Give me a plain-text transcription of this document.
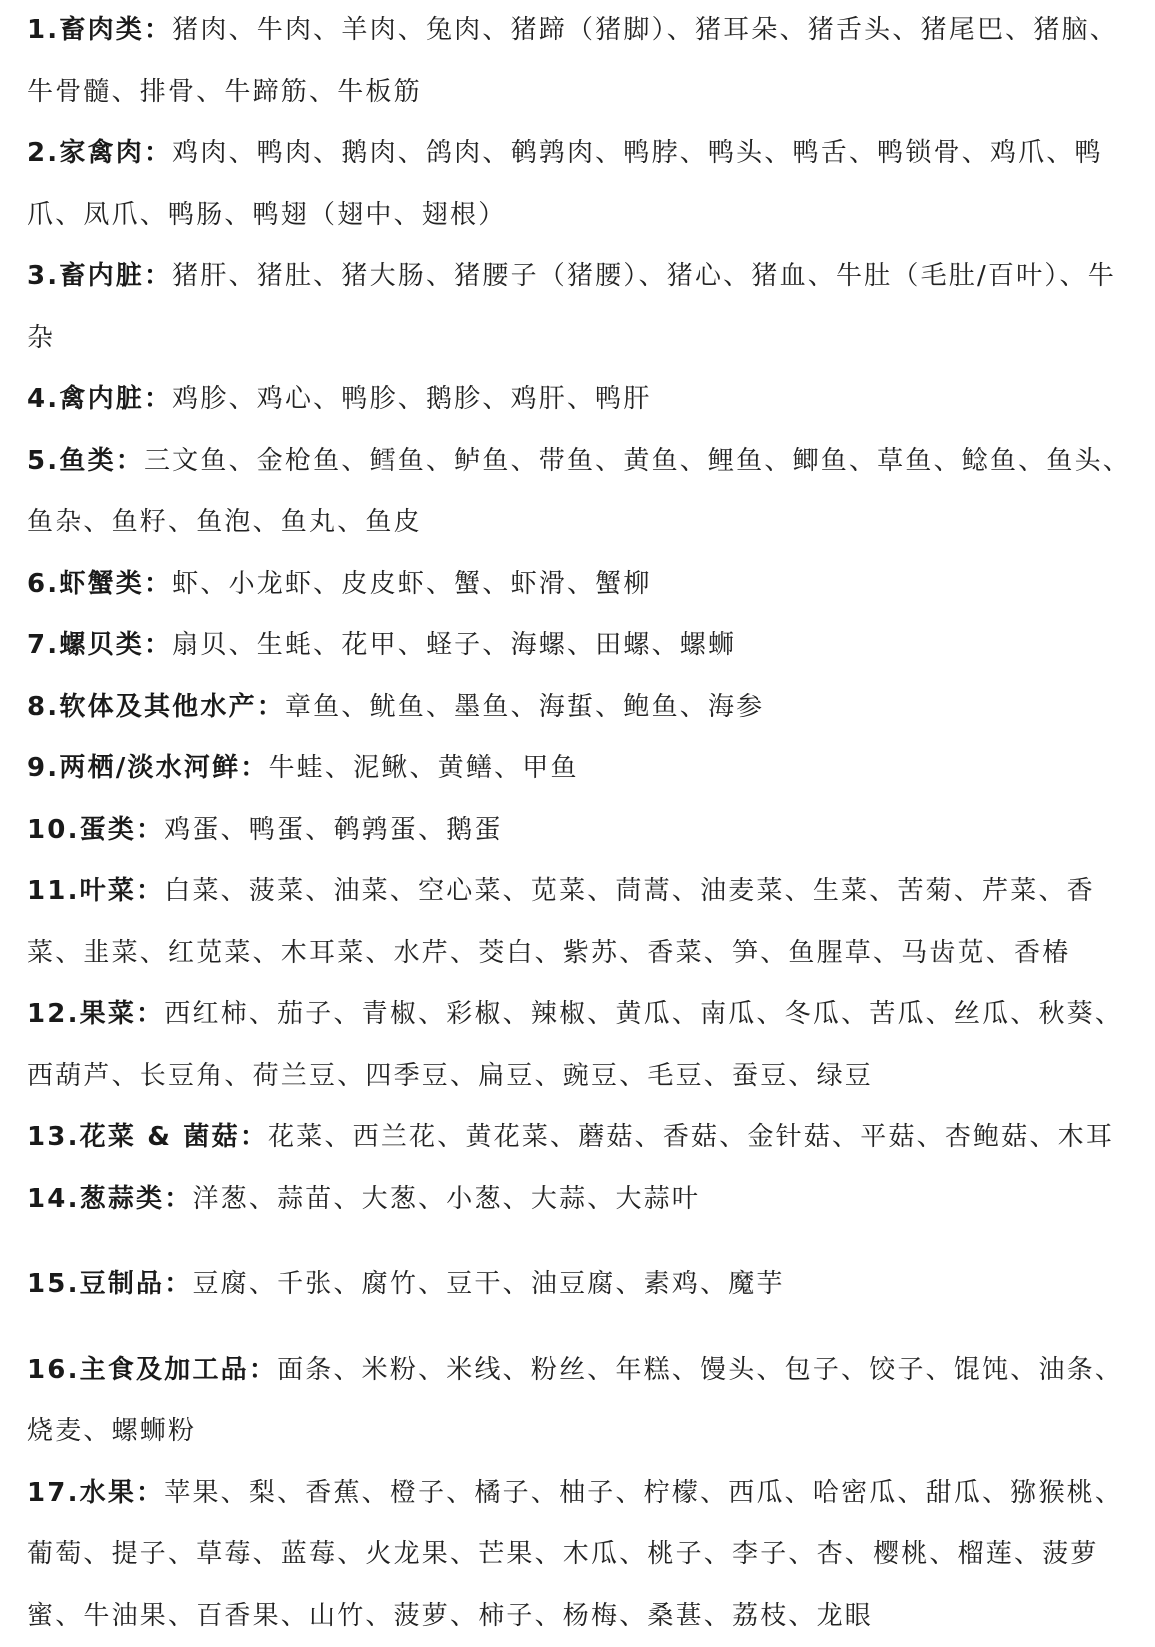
1.畜肉类：猪肉、牛肉、羊肉、兔肉、猪蹄（猪脚）、猪耳朵、猪舌头、猪尾巴、猪脑、牛骨髓、排骨、牛蹄筋、牛板筋

2.家禽肉：鸡肉、鸭肉、鹅肉、鸽肉、鹌鹑肉、鸭脖、鸭头、鸭舌、鸭锁骨、鸡爪、鸭爪、凤爪、鸭肠、鸭翅（翅中、翅根）

3.畜内脏：猪肝、猪肚、猪大肠、猪腰子（猪腰）、猪心、猪血、牛肚（毛肚/百叶）、牛杂

4.禽内脏：鸡胗、鸡心、鸭胗、鹅胗、鸡肝、鸭肝

5.鱼类：三文鱼、金枪鱼、鳕鱼、鲈鱼、带鱼、黄鱼、鲤鱼、鲫鱼、草鱼、鲶鱼、鱼头、鱼杂、鱼籽、鱼泡、鱼丸、鱼皮

6.虾蟹类：虾、小龙虾、皮皮虾、蟹、虾滑、蟹柳

7.螺贝类：扇贝、生蚝、花甲、蛏子、海螺、田螺、螺蛳

8.软体及其他水产：章鱼、鱿鱼、墨鱼、海蜇、鲍鱼、海参

9.两栖/淡水河鲜：牛蛙、泥鳅、黄鳝、甲鱼

10.蛋类：鸡蛋、鸭蛋、鹌鹑蛋、鹅蛋

11.叶菜：白菜、菠菜、油菜、空心菜、苋菜、茼蒿、油麦菜、生菜、苦菊、芹菜、香菜、韭菜、红苋菜、木耳菜、水芹、茭白、紫苏、香菜、笋、鱼腥草、马齿苋、香椿

12.果菜：西红柿、茄子、青椒、彩椒、辣椒、黄瓜、南瓜、冬瓜、苦瓜、丝瓜、秋葵、西葫芦、长豆角、荷兰豆、四季豆、扁豆、豌豆、毛豆、蚕豆、绿豆

13.花菜 & 菌菇：花菜、西兰花、黄花菜、蘑菇、香菇、金针菇、平菇、杏鲍菇、木耳

14.葱蒜类：洋葱、蒜苗、大葱、小葱、大蒜、大蒜叶

15.豆制品：豆腐、千张、腐竹、豆干、油豆腐、素鸡、魔芋

16.主食及加工品：面条、米粉、米线、粉丝、年糕、馒头、包子、饺子、馄饨、油条、烧麦、螺蛳粉

17.水果：苹果、梨、香蕉、橙子、橘子、柚子、柠檬、西瓜、哈密瓜、甜瓜、猕猴桃、葡萄、提子、草莓、蓝莓、火龙果、芒果、木瓜、桃子、李子、杏、樱桃、榴莲、菠萝蜜、牛油果、百香果、山竹、菠萝、柿子、杨梅、桑葚、荔枝、龙眼
